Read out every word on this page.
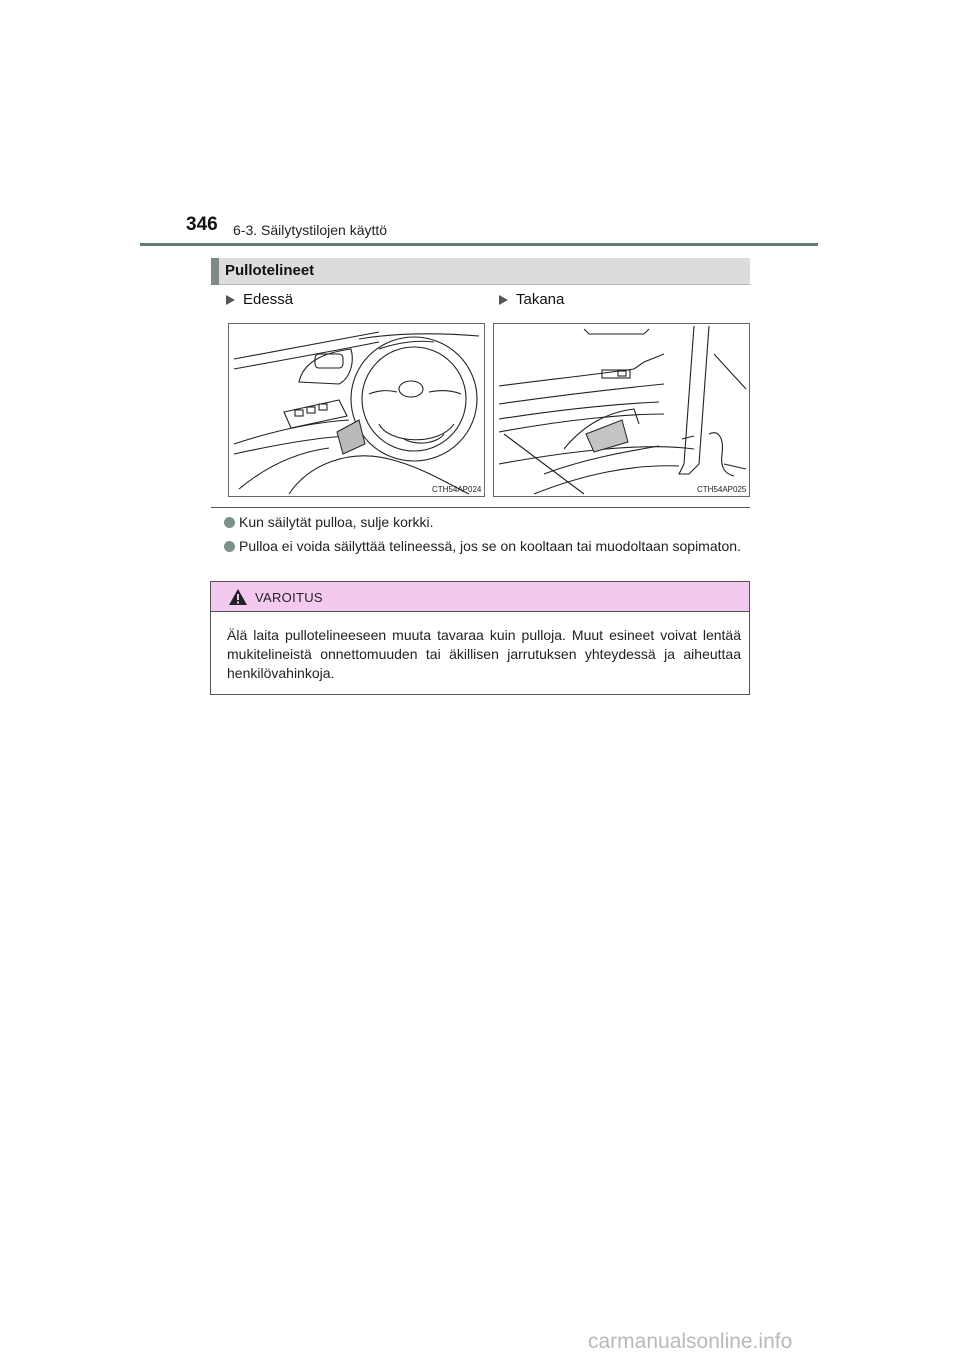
346 6-3. Säilytystilojen käyttö
Pullotelineet
Edessä	Takana
CTH54AP024	CTH54AP025
Kun säilytät pulloa, sulje korkki.
Pulloa ei voida säilyttää telineessä, jos se on kooltaan tai muodoltaan sopimaton.
VAROITUS
Älä laita pullotelineeseen muuta tavaraa kuin pulloja. Muut esineet voivat lentää mukitelineistä onnettomuuden tai äkillisen jarrutuksen yhteydessä ja aiheuttaa henkilövahinkoja.
carmanualsonline.info
